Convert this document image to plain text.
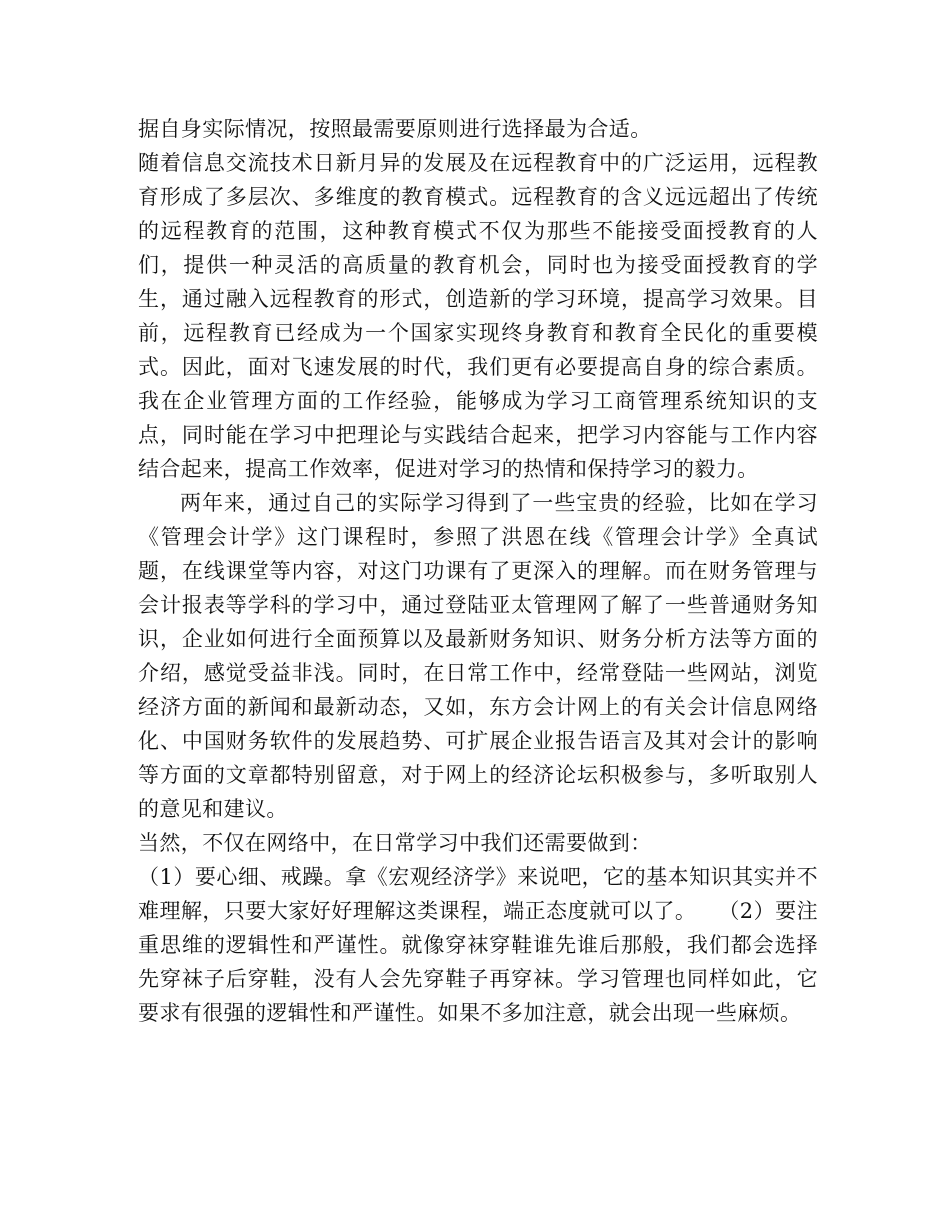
据自身实际情况，按照最需要原则进行选择最为合适。

随着信息交流技术日新月异的发展及在远程教育中的广泛运用，远程教育形成了多层次、多维度的教育模式。远程教育的含义远远超出了传统的远程教育的范围，这种教育模式不仅为那些不能接受面授教育的人们，提供一种灵活的高质量的教育机会，同时也为接受面授教育的学生，通过融入远程教育的形式，创造新的学习环境，提高学习效果。目前，远程教育已经成为一个国家实现终身教育和教育全民化的重要模式。因此，面对飞速发展的时代，我们更有必要提高自身的综合素质。我在企业管理方面的工作经验，能够成为学习工商管理系统知识的支点，同时能在学习中把理论与实践结合起来，把学习内容能与工作内容结合起来，提高工作效率，促进对学习的热情和保持学习的毅力。

两年来，通过自己的实际学习得到了一些宝贵的经验，比如在学习《管理会计学》这门课程时，参照了洪恩在线《管理会计学》全真试题，在线课堂等内容，对这门功课有了更深入的理解。而在财务管理与会计报表等学科的学习中，通过登陆亚太管理网了解了一些普通财务知识，企业如何进行全面预算以及最新财务知识、财务分析方法等方面的介绍，感觉受益非浅。同时，在日常工作中，经常登陆一些网站，浏览经济方面的新闻和最新动态，又如，东方会计网上的有关会计信息网络化、中国财务软件的发展趋势、可扩展企业报告语言及其对会计的影响等方面的文章都特别留意，对于网上的经济论坛积极参与，多听取别人的意见和建议。

当然，不仅在网络中，在日常学习中我们还需要做到：

（1）要心细、戒躁。拿《宏观经济学》来说吧，它的基本知识其实并不难理解，只要大家好好理解这类课程，端正态度就可以了。　　（2）要注重思维的逻辑性和严谨性。就像穿袜穿鞋谁先谁后那般，我们都会选择先穿袜子后穿鞋，没有人会先穿鞋子再穿袜。学习管理也同样如此，它要求有很强的逻辑性和严谨性。如果不多加注意，就会出现一些麻烦。
